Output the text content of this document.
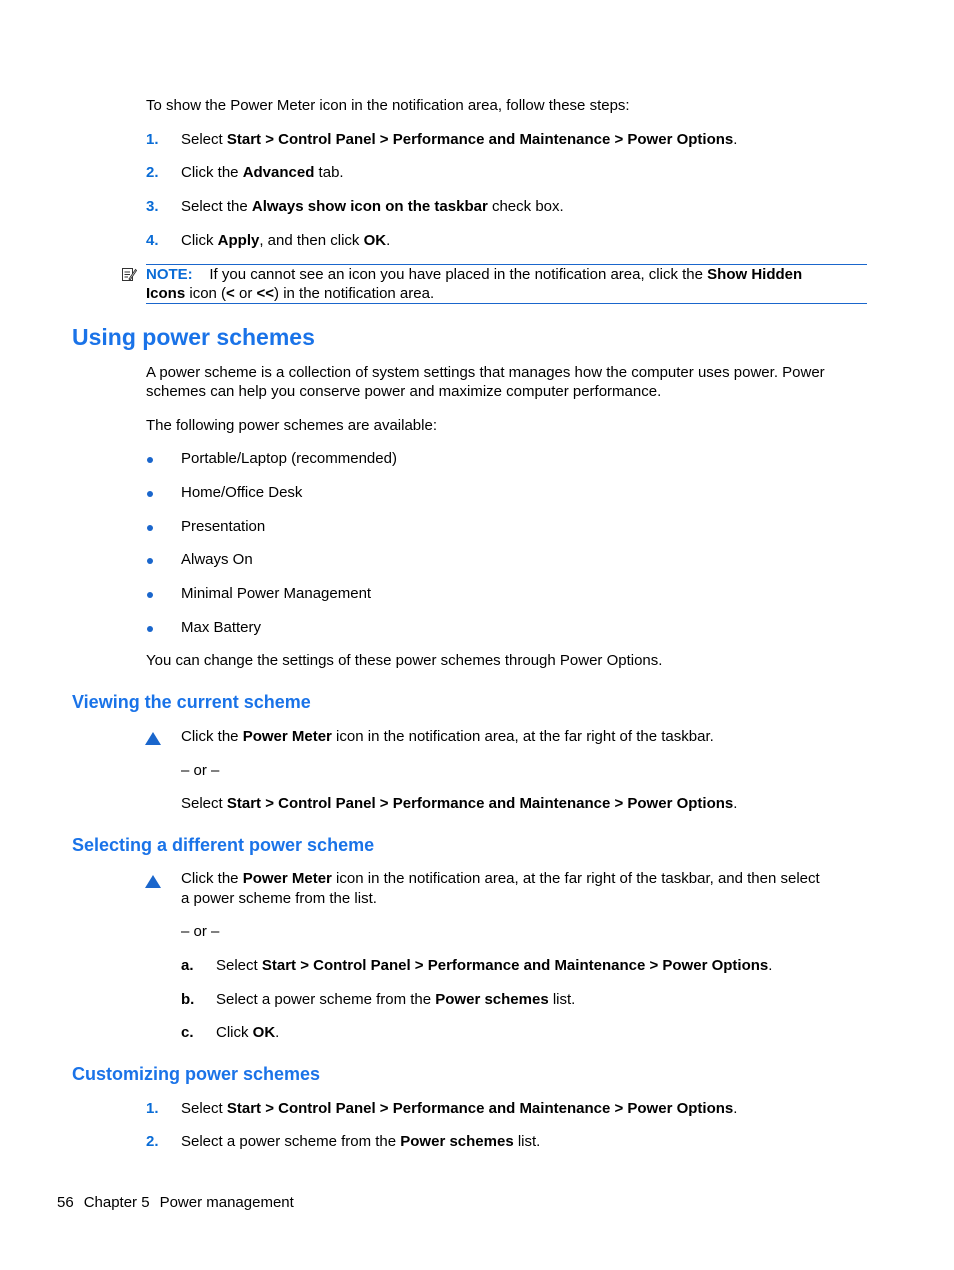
To show the Power Meter icon in the notification area, follow these steps:
1. Select Start > Control Panel > Performance and Maintenance > Power Options.
2. Click the Advanced tab.
3. Select the Always show icon on the taskbar check box.
4. Click Apply, and then click OK.
NOTE: If you cannot see an icon you have placed in the notification area, click the Show Hidden
Icons icon (< or <<) in the notification area.
Using power schemes
A power scheme is a collection of system settings that manages how the computer uses power. Power
schemes can help you conserve power and maximize computer performance.
The following power schemes are available:
Portable/Laptop (recommended)
Home/Office Desk
Presentation
Always On
Minimal Power Management
Max Battery
You can change the settings of these power schemes through Power Options.
Viewing the current scheme
Click the Power Meter icon in the notification area, at the far right of the taskbar.
– or –
Select Start > Control Panel > Performance and Maintenance > Power Options.
Selecting a different power scheme
Click the Power Meter icon in the notification area, at the far right of the taskbar, and then select
a power scheme from the list.
– or –
a. Select Start > Control Panel > Performance and Maintenance > Power Options.
b. Select a power scheme from the Power schemes list.
c. Click OK.
Customizing power schemes
1. Select Start > Control Panel > Performance and Maintenance > Power Options.
2. Select a power scheme from the Power schemes list.
56 Chapter 5 Power management
